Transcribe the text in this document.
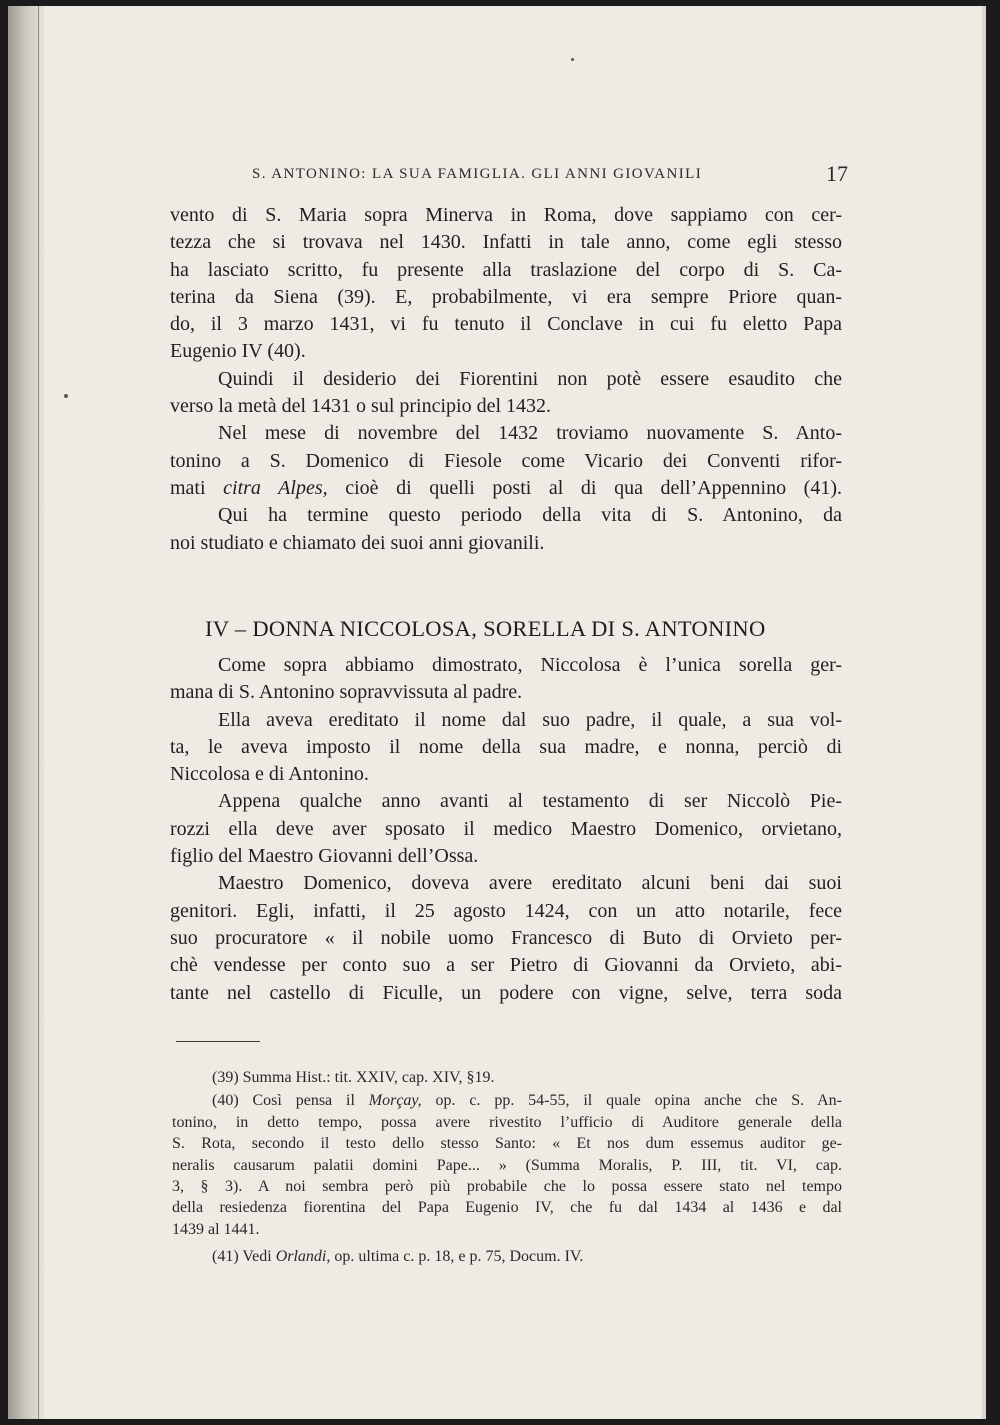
S. ANTONINO: LA SUA FAMIGLIA. GLI ANNI GIOVANILI	17

vento di S. Maria sopra Minerva in Roma, dove sappiamo con cer-
tezza che si trovava nel 1430. Infatti in tale anno, come egli stesso
ha lasciato scritto, fu presente alla traslazione del corpo di S. Ca-
terina da Siena (39). E, probabilmente, vi era sempre Priore quan-
do, il 3 marzo 1431, vi fu tenuto il Conclave in cui fu eletto Papa
Eugenio IV (40).

Quindi il desiderio dei Fiorentini non potè essere esaudito che
verso la metà del 1431 o sul principio del 1432.

Nel mese di novembre del 1432 troviamo nuovamente S. Anto-
tonino a S. Domenico di Fiesole come Vicario dei Conventi rifor-
mati citra Alpes, cioè di quelli posti al di qua dell’Appennino (41).

Qui ha termine questo periodo della vita di S. Antonino, da
noi studiato e chiamato dei suoi anni giovanili.

IV – DONNA NICCOLOSA, SORELLA DI S. ANTONINO

Come sopra abbiamo dimostrato, Niccolosa è l’unica sorella ger-
mana di S. Antonino sopravvissuta al padre.

Ella aveva ereditato il nome dal suo padre, il quale, a sua vol-
ta, le aveva imposto il nome della sua madre, e nonna, perciò di
Niccolosa e di Antonino.

Appena qualche anno avanti al testamento di ser Niccolò Pie-
rozzi ella deve aver sposato il medico Maestro Domenico, orvietano,
figlio del Maestro Giovanni dell’Ossa.

Maestro Domenico, doveva avere ereditato alcuni beni dai suoi
genitori. Egli, infatti, il 25 agosto 1424, con un atto notarile, fece
suo procuratore « il nobile uomo Francesco di Buto di Orvieto per-
chè vendesse per conto suo a ser Pietro di Giovanni da Orvieto, abi-
tante nel castello di Ficulle, un podere con vigne, selve, terra soda

(39) Summa Hist.: tit. XXIV, cap. XIV, §19.

(40) Così pensa il Morçay, op. c. pp. 54-55, il quale opina anche che S. An-
tonino, in detto tempo, possa avere rivestito l’ufficio di Auditore generale della
S. Rota, secondo il testo dello stesso Santo: « Et nos dum essemus auditor ge-
neralis causarum palatii domini Pape... » (Summa Moralis, P. III, tit. VI, cap.
3, § 3). A noi sembra però più probabile che lo possa essere stato nel tempo
della resiedenza fiorentina del Papa Eugenio IV, che fu dal 1434 al 1436 e dal
1439 al 1441.

(41) Vedi Orlandi, op. ultima c. p. 18, e p. 75, Docum. IV.
